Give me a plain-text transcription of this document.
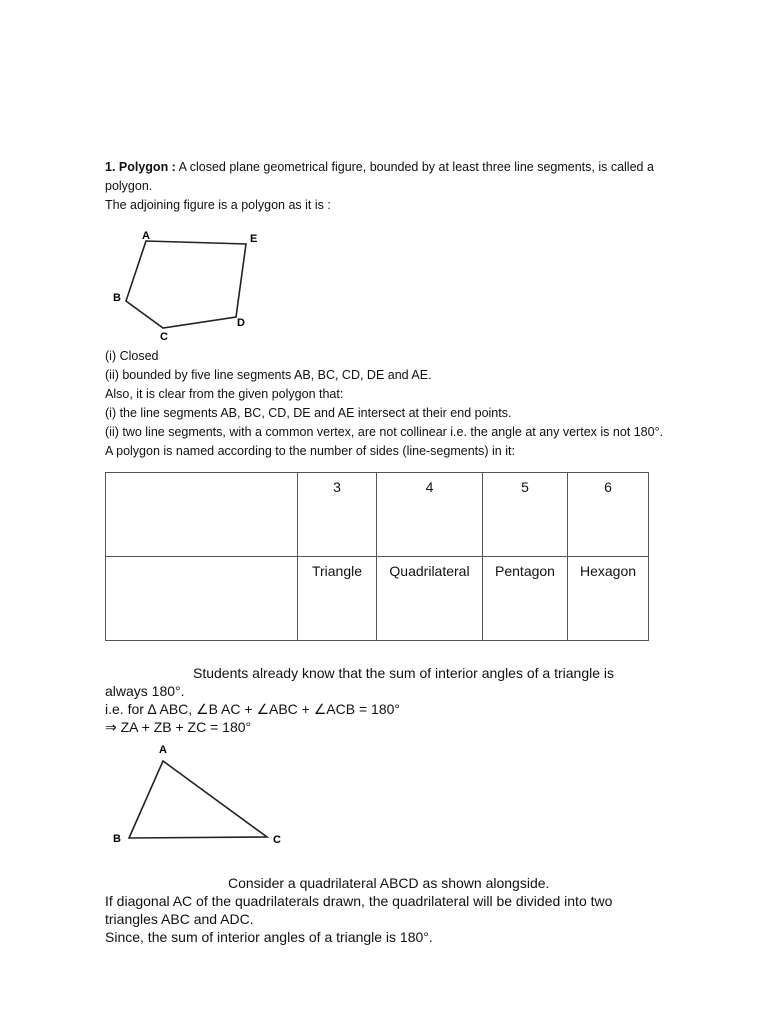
1. Polygon : A closed plane geometrical figure, bounded by at least three line segments, is called a polygon.

The adjoining figure is a polygon as it is :

A	E
B
C
D

(i) Closed

(ii) bounded by five line segments AB, BC, CD, DE and AE.

Also, it is clear from the given polygon that:

(i) the line segments AB, BC, CD, DE and AE intersect at their end points.

(ii) two line segments, with a common vertex, are not collinear i.e. the angle at any vertex is not 180°.

A polygon is named according to the number of sides (line-segments) in it:

	3	4	5	6
	Triangle	Quadrilateral	Pentagon	Hexagon

Students already know that the sum of interior angles of a triangle is

always 180°.

i.e. for ∆ ABC, ∠B AC + ∠ABC + ∠ACB = 180°

⇒ ZA + ZB + ZC = 180°

A
B	C

Consider a quadrilateral ABCD as shown alongside.

If diagonal AC of the quadrilaterals drawn, the quadrilateral will be divided into two

triangles ABC and ADC.

Since, the sum of interior angles of a triangle is 180°.
